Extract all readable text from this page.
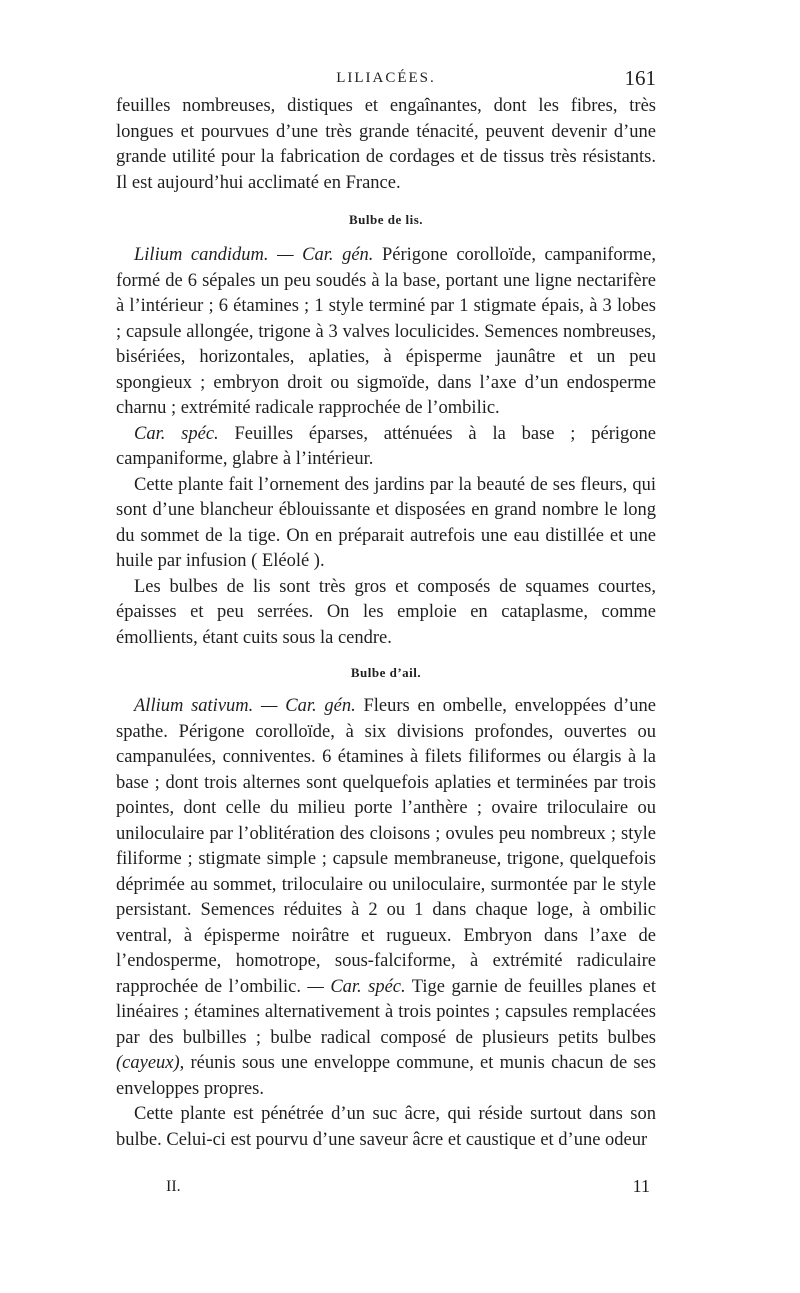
LILIACÉES.	161

feuilles nombreuses, distiques et engaînantes, dont les fibres, très longues et pourvues d’une très grande ténacité, peuvent devenir d’une grande utilité pour la fabrication de cordages et de tissus très résistants. Il est aujourd’hui acclimaté en France.

Bulbe de lis.

Lilium candidum. — Car. gén. Périgone corolloïde, campaniforme, formé de 6 sépales un peu soudés à la base, portant une ligne nectarifère à l’intérieur ; 6 étamines ; 1 style terminé par 1 stigmate épais, à 3 lobes ; capsule allongée, trigone à 3 valves loculicides. Semences nombreuses, bisériées, horizontales, aplaties, à épisperme jaunâtre et un peu spongieux ; embryon droit ou sigmoïde, dans l’axe d’un endosperme charnu ; extrémité radicale rapprochée de l’ombilic.

Car. spéc. Feuilles éparses, atténuées à la base ; périgone campaniforme, glabre à l’intérieur.

Cette plante fait l’ornement des jardins par la beauté de ses fleurs, qui sont d’une blancheur éblouissante et disposées en grand nombre le long du sommet de la tige. On en préparait autrefois une eau distillée et une huile par infusion ( Eléolé ).

Les bulbes de lis sont très gros et composés de squames courtes, épaisses et peu serrées. On les emploie en cataplasme, comme émollients, étant cuits sous la cendre.

Bulbe d’ail.

Allium sativum. — Car. gén. Fleurs en ombelle, enveloppées d’une spathe. Périgone corolloïde, à six divisions profondes, ouvertes ou campanulées, conniventes. 6 étamines à filets filiformes ou élargis à la base ; dont trois alternes sont quelquefois aplaties et terminées par trois pointes, dont celle du milieu porte l’anthère ; ovaire triloculaire ou uniloculaire par l’oblitération des cloisons ; ovules peu nombreux ; style filiforme ; stigmate simple ; capsule membraneuse, trigone, quelquefois déprimée au sommet, triloculaire ou uniloculaire, surmontée par le style persistant. Semences réduites à 2 ou 1 dans chaque loge, à ombilic ventral, à épisperme noirâtre et rugueux. Embryon dans l’axe de l’endosperme, homotrope, sous-falciforme, à extrémité radiculaire rapprochée de l’ombilic. — Car. spéc. Tige garnie de feuilles planes et linéaires ; étamines alternativement à trois pointes ; capsules remplacées par des bulbilles ; bulbe radical composé de plusieurs petits bulbes (cayeux), réunis sous une enveloppe commune, et munis chacun de ses enveloppes propres.

Cette plante est pénétrée d’un suc âcre, qui réside surtout dans son bulbe. Celui-ci est pourvu d’une saveur âcre et caustique et d’une odeur

II.	11
